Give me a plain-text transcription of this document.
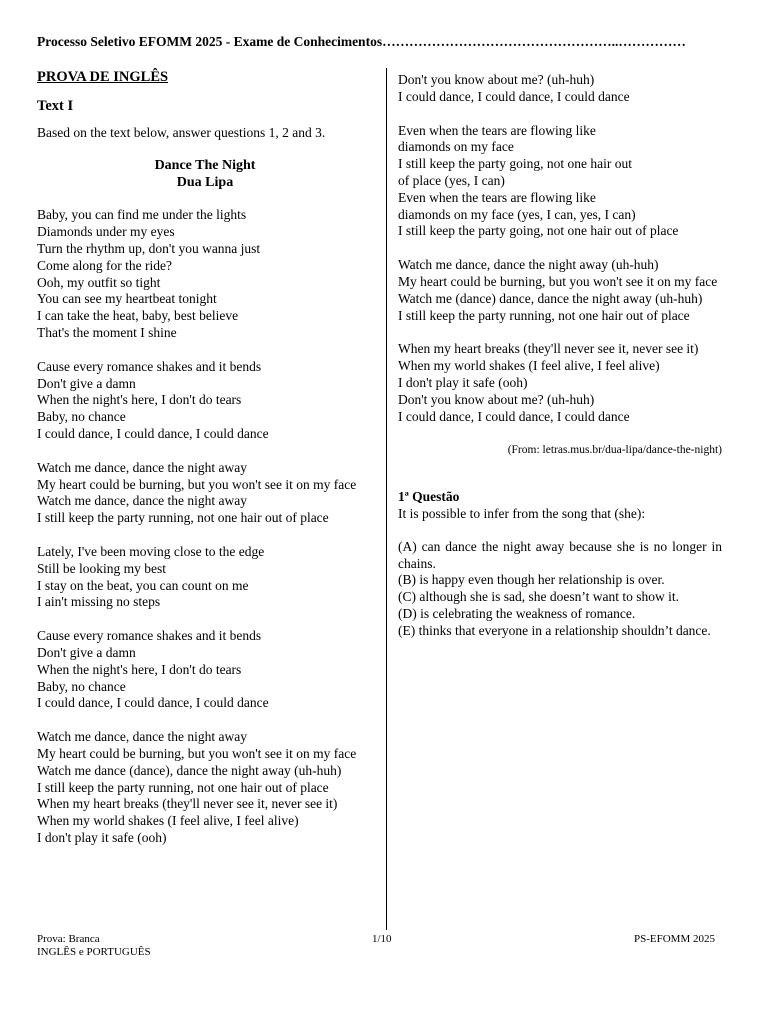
Processo Seletivo EFOMM 2025 - Exame de Conhecimentos……………………………………………..……………
PROVA DE INGLÊS
Text I
Based on the text below, answer questions 1, 2 and 3.
Dance The Night
Dua Lipa
Baby, you can find me under the lights
Diamonds under my eyes
Turn the rhythm up, don't you wanna just
Come along for the ride?
Ooh, my outfit so tight
You can see my heartbeat tonight
I can take the heat, baby, best believe
That's the moment I shine
Cause every romance shakes and it bends
Don't give a damn
When the night's here, I don't do tears
Baby, no chance
I could dance, I could dance, I could dance
Watch me dance, dance the night away
My heart could be burning, but you won't see it on my face
Watch me dance, dance the night away
I still keep the party running, not one hair out of place
Lately, I've been moving close to the edge
Still be looking my best
I stay on the beat, you can count on me
I ain't missing no steps
Cause every romance shakes and it bends
Don't give a damn
When the night's here, I don't do tears
Baby, no chance
I could dance, I could dance, I could dance
Watch me dance, dance the night away
My heart could be burning, but you won't see it on my face
Watch me dance (dance), dance the night away (uh-huh)
I still keep the party running, not one hair out of place
When my heart breaks (they'll never see it, never see it)
When my world shakes (I feel alive, I feel alive)
I don't play it safe (ooh)
Don't you know about me? (uh-huh)
I could dance, I could dance, I could dance
Even when the tears are flowing like
diamonds on my face
I still keep the party going, not one hair out
of place (yes, I can)
Even when the tears are flowing like
diamonds on my face (yes, I can, yes, I can)
I still keep the party going, not one hair out of place
Watch me dance, dance the night away (uh-huh)
My heart could be burning, but you won't see it on my face
Watch me (dance) dance, dance the night away (uh-huh)
I still keep the party running, not one hair out of place
When my heart breaks (they'll never see it, never see it)
When my world shakes (I feel alive, I feel alive)
I don't play it safe (ooh)
Don't you know about me? (uh-huh)
I could dance, I could dance, I could dance
(From: letras.mus.br/dua-lipa/dance-the-night)
1ª Questão
It is possible to infer from the song that (she):
(A) can dance the night away because she is no longer in chains.
(B) is happy even though her relationship is over.
(C) although she is sad, she doesn’t want to show it.
(D) is celebrating the weakness of romance.
(E) thinks that everyone in a relationship shouldn’t dance.
Prova: Branca
INGLÊS e PORTUGUÊS
1/10	PS-EFOMM 2025
